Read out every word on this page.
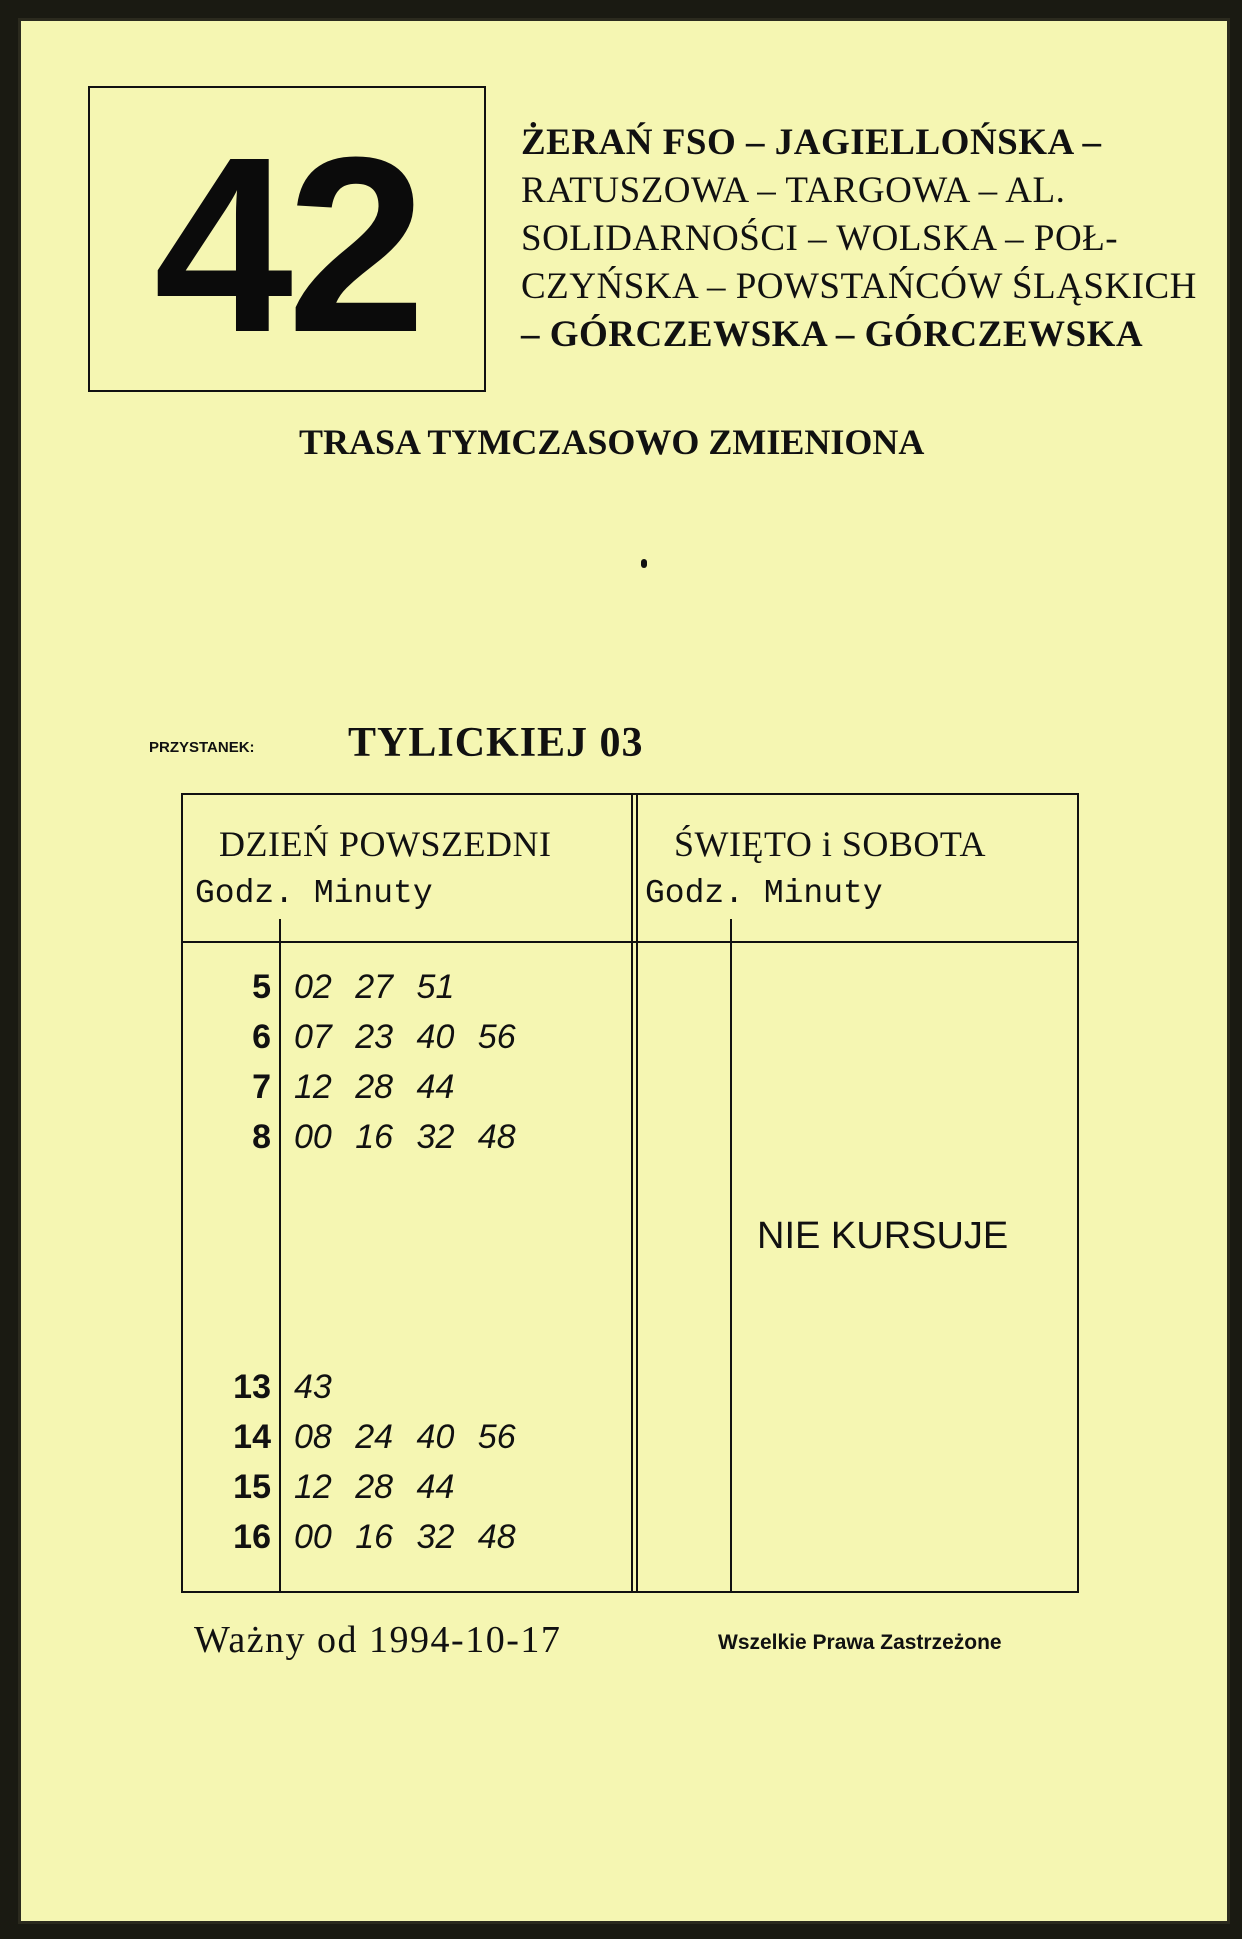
42	ŻERAŃ FSO – JAGIELLOŃSKA –
RATUSZOWA – TARGOWA – AL.
SOLIDARNOŚCI – WOLSKA – POŁ-
CZYŃSKA – POWSTAŃCÓW ŚLĄSKICH
– GÓRCZEWSKA – GÓRCZEWSKA
TRASA TYMCZASOWO ZMIENIONA
PRZYSTANEK: TYLICKIEJ 03
DZIEŃ POWSZEDNI
Godz. Minuty
ŚWIĘTO i SOBOTA
Godz. Minuty
5 02 27 51
6 07 23 40 56
7 12 28 44
8 00 16 32 48
13 43
14 08 24 40 56
15 12 28 44
16 00 16 32 48
NIE KURSUJE
Ważny od 1994-10-17	Wszelkie Prawa Zastrzeżone
